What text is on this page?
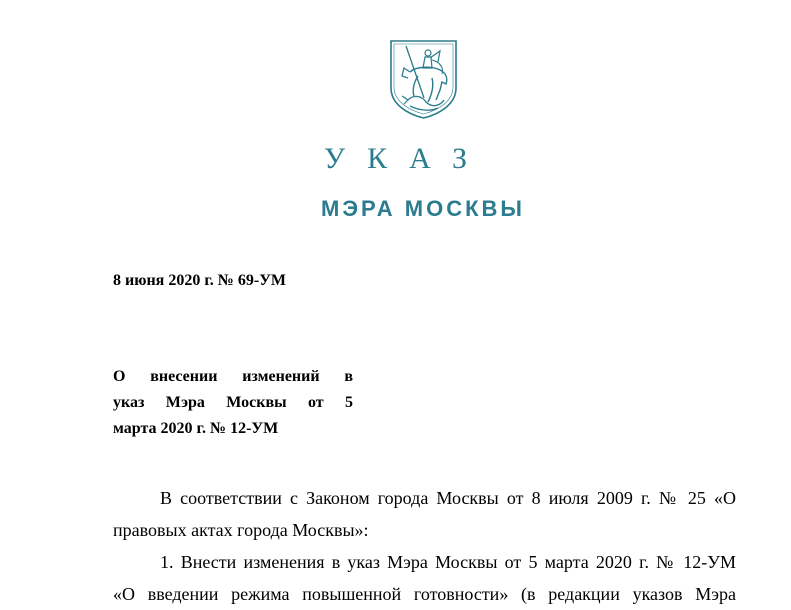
УКАЗ
МЭРА МОСКВЫ
8 июня 2020 г. № 69-УМ
О внесении изменений в
указ Мэра Москвы от 5
марта 2020 г. № 12-УМ
В соответствии с Законом города Москвы от 8 июля 2009 г. № 25 «О
правовых актах города Москвы»:
1. Внести изменения в указ Мэра Москвы от 5 марта 2020 г. № 12-УМ
«О введении режима повышенной готовности» (в редакции указов Мэра
